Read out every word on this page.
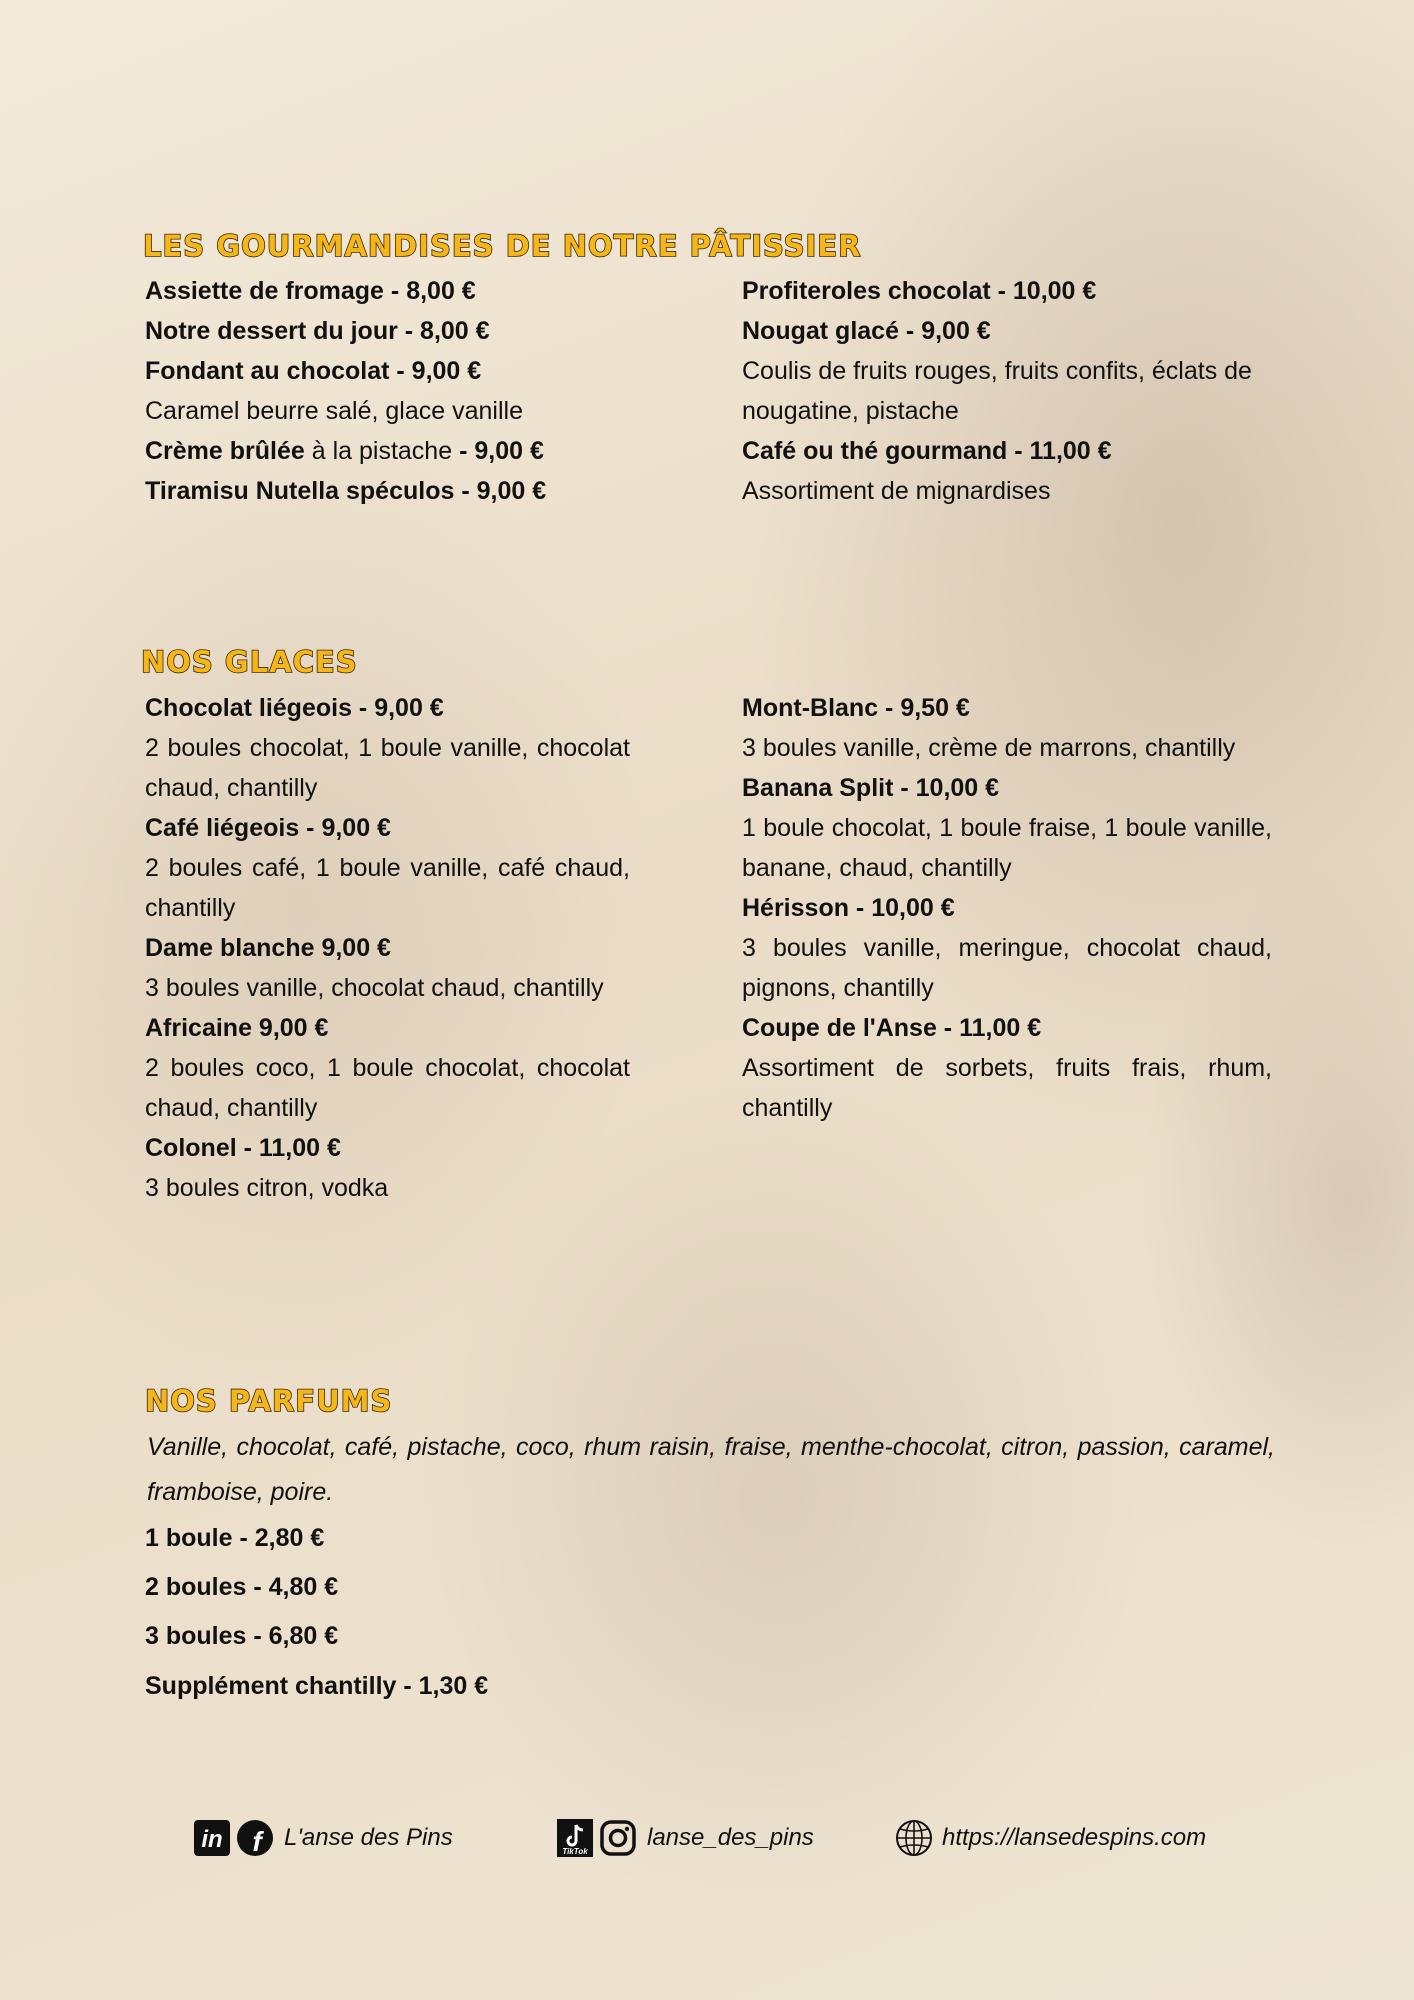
LES GOURMANDISES DE NOTRE PÂTISSIER

Assiette de fromage - 8,00 €

Notre dessert du jour - 8,00 €

Fondant au chocolat - 9,00 €

Caramel beurre salé, glace vanille

Crème brûlée à la pistache - 9,00 €

Tiramisu Nutella spéculos - 9,00 €

Profiteroles chocolat - 10,00 €

Nougat glacé - 9,00 €

Coulis de fruits rouges, fruits confits, éclats de nougatine, pistache

Café ou thé gourmand - 11,00 €

Assortiment de mignardises

NOS GLACES

Chocolat liégeois - 9,00 €

2 boules chocolat, 1 boule vanille, chocolat chaud, chantilly

Café liégeois - 9,00 €

2 boules café, 1 boule vanille, café chaud, chantilly

Dame blanche 9,00 €

3 boules vanille, chocolat chaud, chantilly

Africaine 9,00 €

2 boules coco, 1 boule chocolat, chocolat chaud, chantilly

Colonel - 11,00 €

3 boules citron, vodka

Mont-Blanc - 9,50 €

3 boules vanille, crème de marrons, chantilly

Banana Split - 10,00 €

1 boule chocolat, 1 boule fraise, 1 boule vanille, banane, chaud, chantilly

Hérisson - 10,00 €

3 boules vanille, meringue, chocolat chaud, pignons, chantilly

Coupe de l'Anse - 11,00 €

Assortiment de sorbets, fruits frais, rhum, chantilly

NOS PARFUMS

Vanille, chocolat, café, pistache, coco, rhum raisin, fraise, menthe-chocolat, citron, passion, caramel, framboise, poire.

1 boule - 2,80 €
2 boules - 4,80 €
3 boules - 6,80 €
Supplément chantilly - 1,30 €
in f L'anse des Pins
TikTok
lanse_des_pins	https://lansedespins.com
